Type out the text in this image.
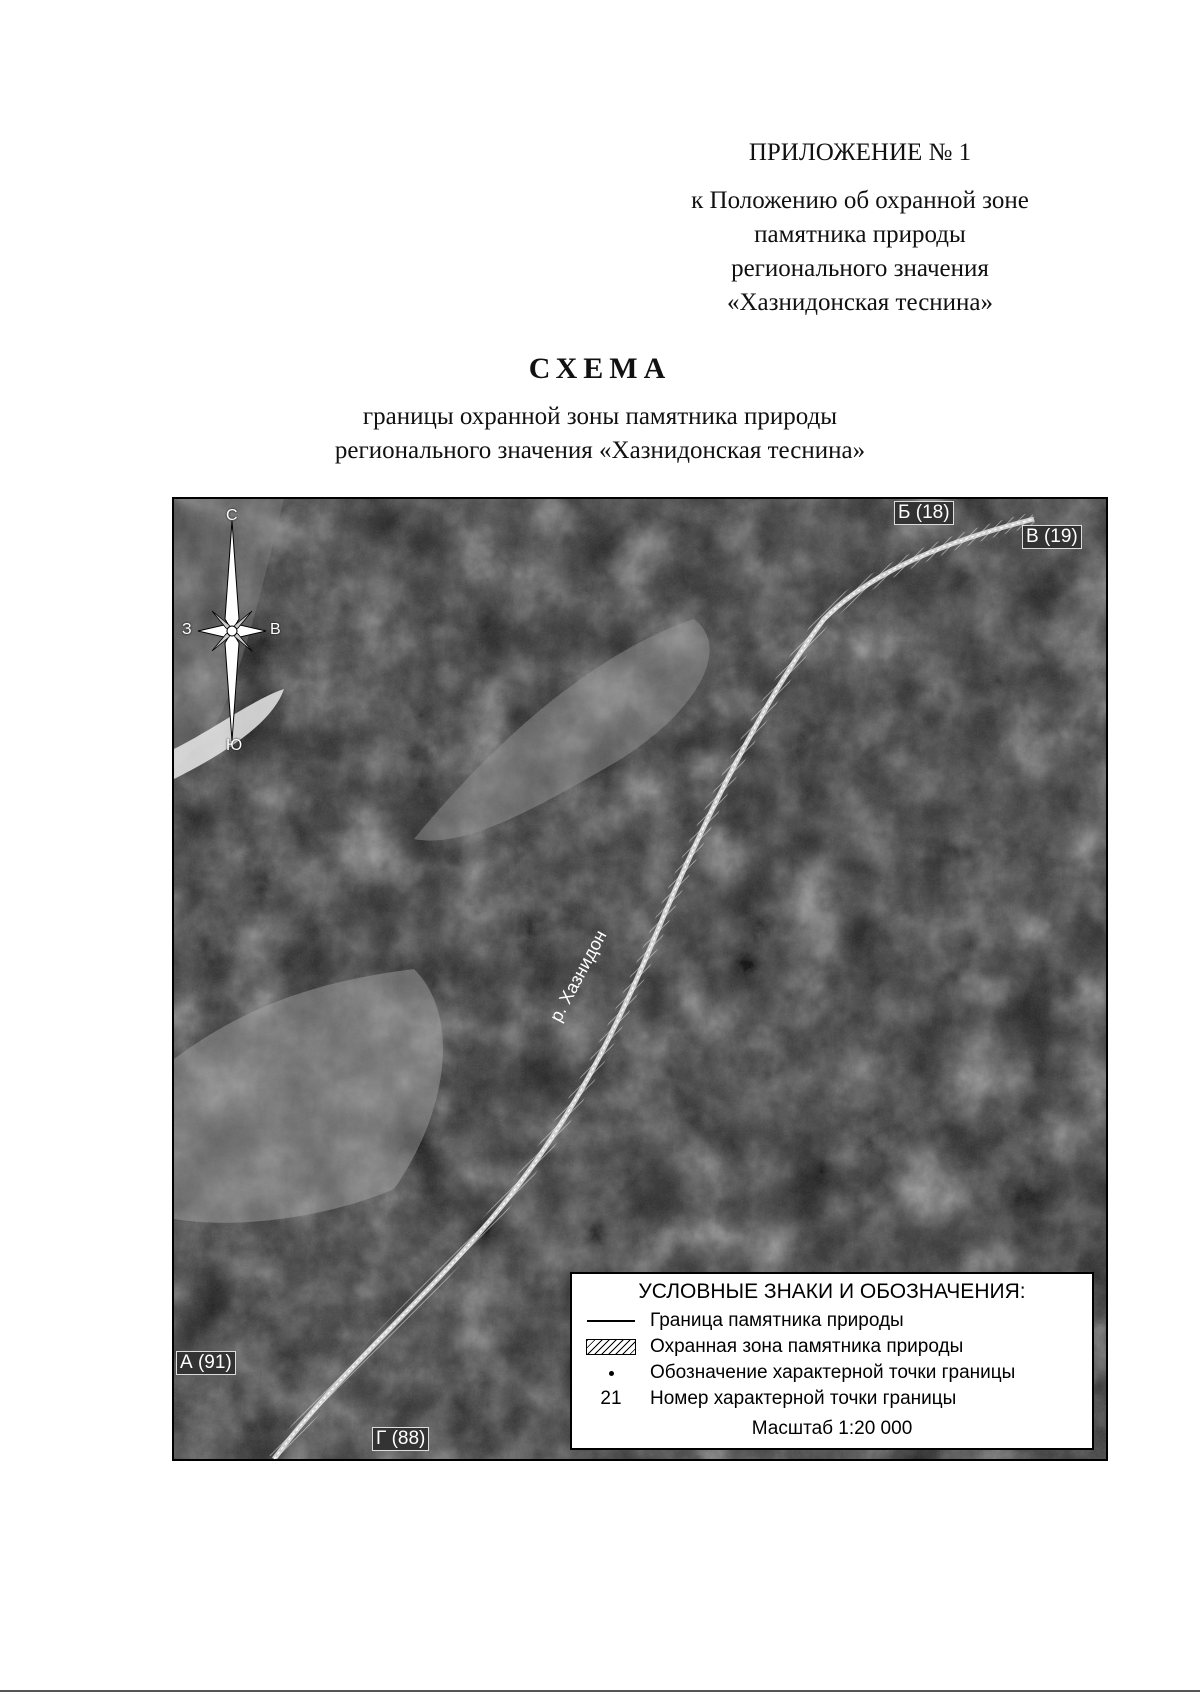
ПРИЛОЖЕНИЕ № 1
к Положению об охранной зоне
памятника природы
регионального значения
«Хазнидонская теснина»
СХЕМА
границы охранной зоны памятника природы
регионального значения «Хазнидонская теснина»
С
Ю
З	В
Б (18)
В (19)
А (91)
Г (88)
р. Хазнидон
УСЛОВНЫЕ ЗНАКИ И ОБОЗНАЧЕНИЯ:
Граница памятника природы
Охранная зона памятника природы
Обозначение характерной точки границы
21 Номер характерной точки границы
Масштаб 1:20 000
